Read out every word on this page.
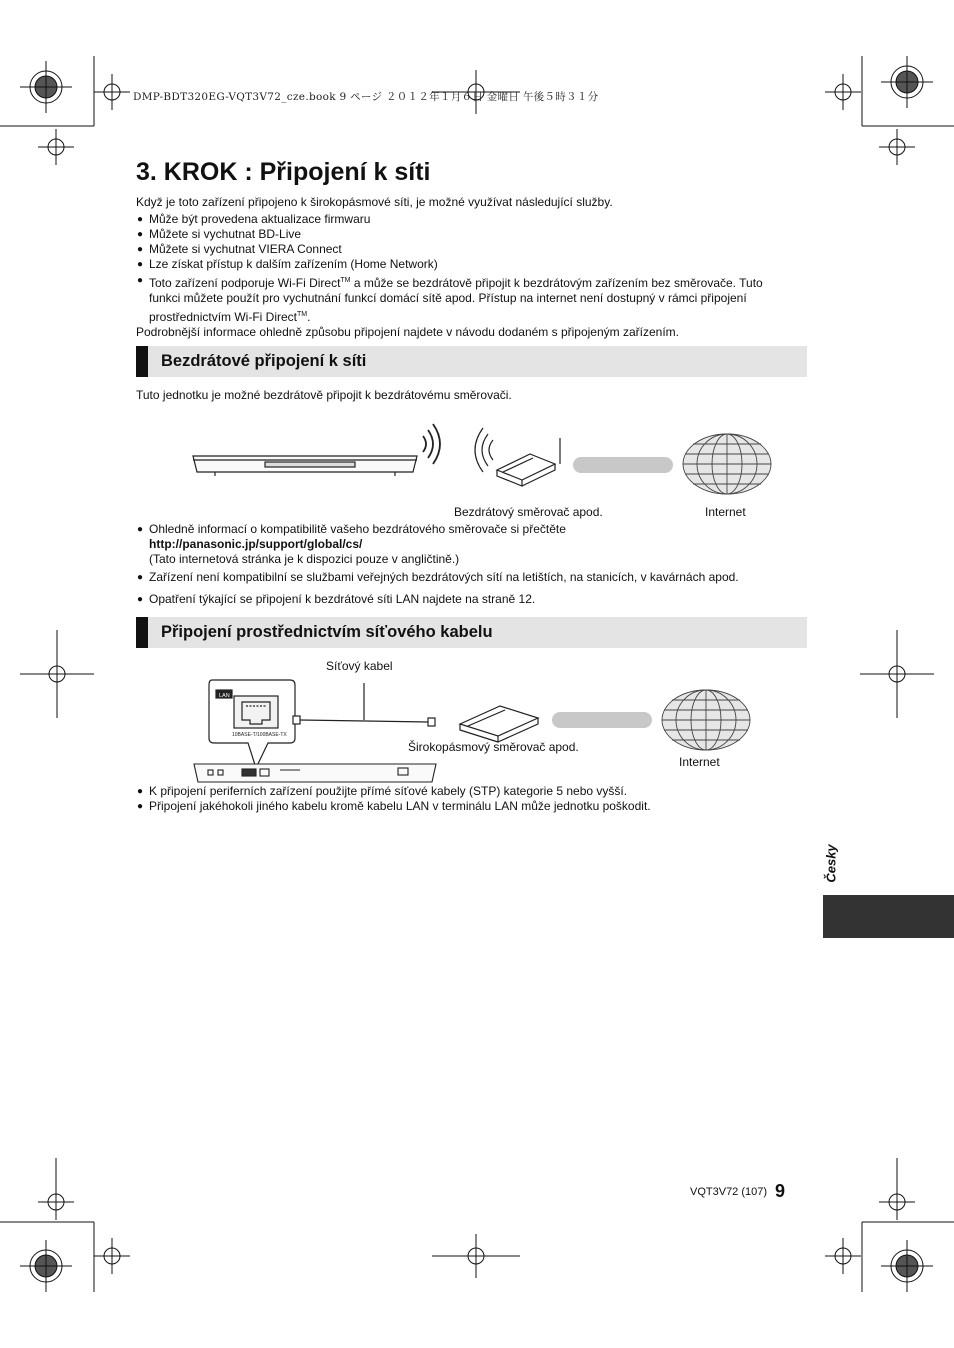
DMP-BDT320EG-VQT3V72_cze.book 9 ページ ２０１２年１月６日 金曜日 午後５時３１分
3. KROK : Připojení k síti
Když je toto zařízení připojeno k širokopásmové síti, je možné využívat následující služby.
● Může být provedena aktualizace firmwaru
● Můžete si vychutnat BD-Live
● Můžete si vychutnat VIERA Connect
● Lze získat přístup k dalším zařízením (Home Network)
● Toto zařízení podporuje Wi-Fi Direct™ a může se bezdrátově připojit k bezdrátovým zařízením bez směrovače. Tuto
funkci můžete použít pro vychutnání funkcí domácí sítě apod. Přístup na internet není dostupný v rámci připojení
prostřednictvím Wi-Fi Direct™.
Podrobnější informace ohledně způsobu připojení najdete v návodu dodaném s připojeným zařízením.
Bezdrátové připojení k síti
Tuto jednotku je možné bezdrátově připojit k bezdrátovému směrovači.
Bezdrátový směrovač apod.	Internet
● Ohledně informací o kompatibilitě vašeho bezdrátového směrovače si přečtěte
http://panasonic.jp/support/global/cs/
(Tato internetová stránka je k dispozici pouze v angličtině.)
● Zařízení není kompatibilní se službami veřejných bezdrátových sítí na letištích, na stanicích, v kavárnách apod.
● Opatření týkající se připojení k bezdrátové síti LAN najdete na straně 12.
Připojení prostřednictvím síťového kabelu
Síťový kabel
LAN
10BASE-T/100BASE-TX
Širokopásmový směrovač apod.
Internet
● K připojení periferních zařízení použijte přímé síťové kabely (STP) kategorie 5 nebo vyšší.
● Připojení jakéhokoli jiného kabelu kromě kabelu LAN v terminálu LAN může jednotku poškodit.
Česky
VQT3V72 (107) 9
